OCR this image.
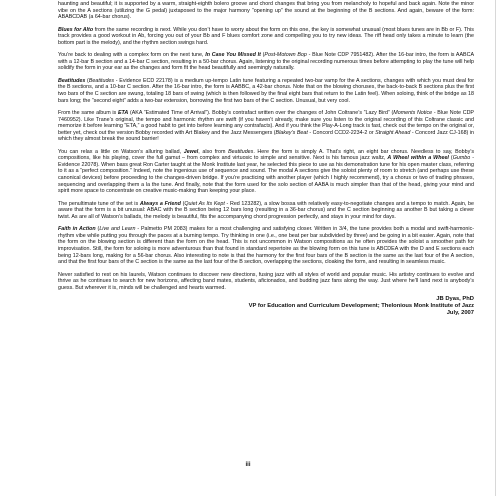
haunting and beautiful; it is supported by a warm, straight-eighth bolero groove and chord changes that bring you from melancholy to hopeful and back again. Note the minor vibe on the A sections (utilizing the G pedal) juxtaposed to the major harmony “opening up” the sound at the beginning of the B sections. And again, beware of the form: ABABCDAB (a 64-bar chorus).

Blues for Alto from the same recording is next. While you don’t have to worry about the form on this one, the key is somewhat unusual (most blues tunes are in Bb or F). This track provides a good workout in Ab, forcing you out of your Bb and F blues comfort zone and compelling you to try new ideas. The riff head only takes a minute to learn (the bottom part is the melody), and the rhythm section swings hard.

You’re back to dealing with a complex form on the next tune, In Case You Missed It (Post-Motown Bop - Blue Note CDP 7951482). After the 16-bar intro, the form is AABCA with a 12-bar B section and a 14-bar C section, resulting in a 50-bar chorus. Again, listening to the original recording numerous times before attempting to play the tune will help solidify the form in your ear as the changes and form fit the head beautifully and seemingly naturally.

Beatitudes (Beatitudes - Evidence ECD 22178) is a medium up-tempo Latin tune featuring a repeated two-bar vamp for the A sections, changes with which you must deal for the B sections, and a 10-bar C section. After the 16-bar intro, the form is AABBC, a 42-bar chorus. Note that on the blowing choruses, the back-to-back B sections plus the first two bars of the C section are swung, totaling 18 bars of swing (which is then followed by the final eight bars that return to the Latin feel). When soloing, think of the bridge as 18 bars long; the “second eight” adds a two-bar extension, borrowing the first two bars of the C section. Unusual, but very cool.

From the same album is ETA (AKA “Estimated Time of Arrival”). Bobby’s contrafact written over the changes of John Coltrane’s “Lazy Bird” (Moments Notice - Blue Note CDP 7460952). Like Trane’s original, the tempo and harmonic rhythm are swift (if you haven’t already, make sure you listen to the original recording of this Coltrane classic and memorize it before learning “ETA,” a good habit to get into before learning any contrafacts). And if you think the Play-A-Long track is fast, check out the tempo on the original or, better yet, check out the version Bobby recorded with Art Blakey and the Jazz Messengers (Blakey’s Beat - Concord CCD2-2234-2 or Straight Ahead - Concord Jazz CJ-168) in which they almost break the sound barrier!

You can relax a little on Watson’s alluring ballad, Jewel, also from Beatitudes. Here the form is simply A. That’s right, an eight bar chorus. Needless to say, Bobby’s compositions, like his playing, cover the full gamut – from complex and virtuosic to simple and sensitive. Next is his famous jazz waltz, A Wheel within a Wheel (Gumbo - Evidence 22078). When bass great Ron Carter taught at the Monk Institute last year, he selected this piece to use as his demonstration tune for his open master class, referring to it as a “perfect composition.” Indeed, note the ingenious use of sequence and sound. The modal A sections give the soloist plenty of room to stretch (and perhaps use these canonical devices) before proceeding to the changes-driven bridge. If you’re practicing with another player (which I highly recommend), try a chorus or two of trading phrases, sequencing and overlapping them a la the tune. And finally, note that the form used for the solo section of AABA is much simpler than that of the head, giving your mind and spirit more space to concentrate on creative music-making than keeping your place.

The penultimate tune of the set is Always a Friend (Quiet As Its Kept - Red 123282), a slow bossa with relatively easy-to-negotiate changes and a tempo to match. Again, be aware that the form is a bit unusual: ABAC with the B section being 12 bars long (resulting in a 36-bar chorus) and the C section beginning as another B but taking a clever twist. As are all of Watson’s ballads, the melody is beautiful, fits the accompanying chord progression perfectly, and stays in your mind for days.

Faith in Action (Live and Learn - Palmetto PM 2083) makes for a most challenging and satisfying closer. Written in 3/4, the tune provides both a modal and swift-harmonic-rhythm vibe while putting you through the paces at a burning tempo. Try thinking in one (i.e., one beat per bar subdivided by three) and be going in a bit easier. Again, note that the form on the blowing section is different than the form on the head. This is not uncommon in Watson compositions as he often provides the soloist a smoother path for improvisation. Still, the form for soloing is more adventurous than that found in standard repertoire as the blowing form on this tune is ABCDEA with the D and E sections each being 12-bars long, making for a 56-bar chorus. Also interesting to note is that the harmony for the first four bars of the B section is the same as the last four of the A section, and that the first four bars of the C section is the same as the last four of the B section, overlapping the sections, cloaking the form, and resulting in seamless music.

Never satisfied to rest on his laurels, Watson continues to discover new directions, fusing jazz with all styles of world and popular music. His artistry continues to evolve and thrive as he continues to search for new horizons, affecting band mates, students, aficionados, and budding jazz fans along the way. Just where he’ll land next is anybody’s guess. But wherever it is, minds will be challenged and hearts warmed.

JB Dyas, PhD
VP for Education and Curriculum Development; Thelonious Monk Institute of Jazz
July, 2007
iii
